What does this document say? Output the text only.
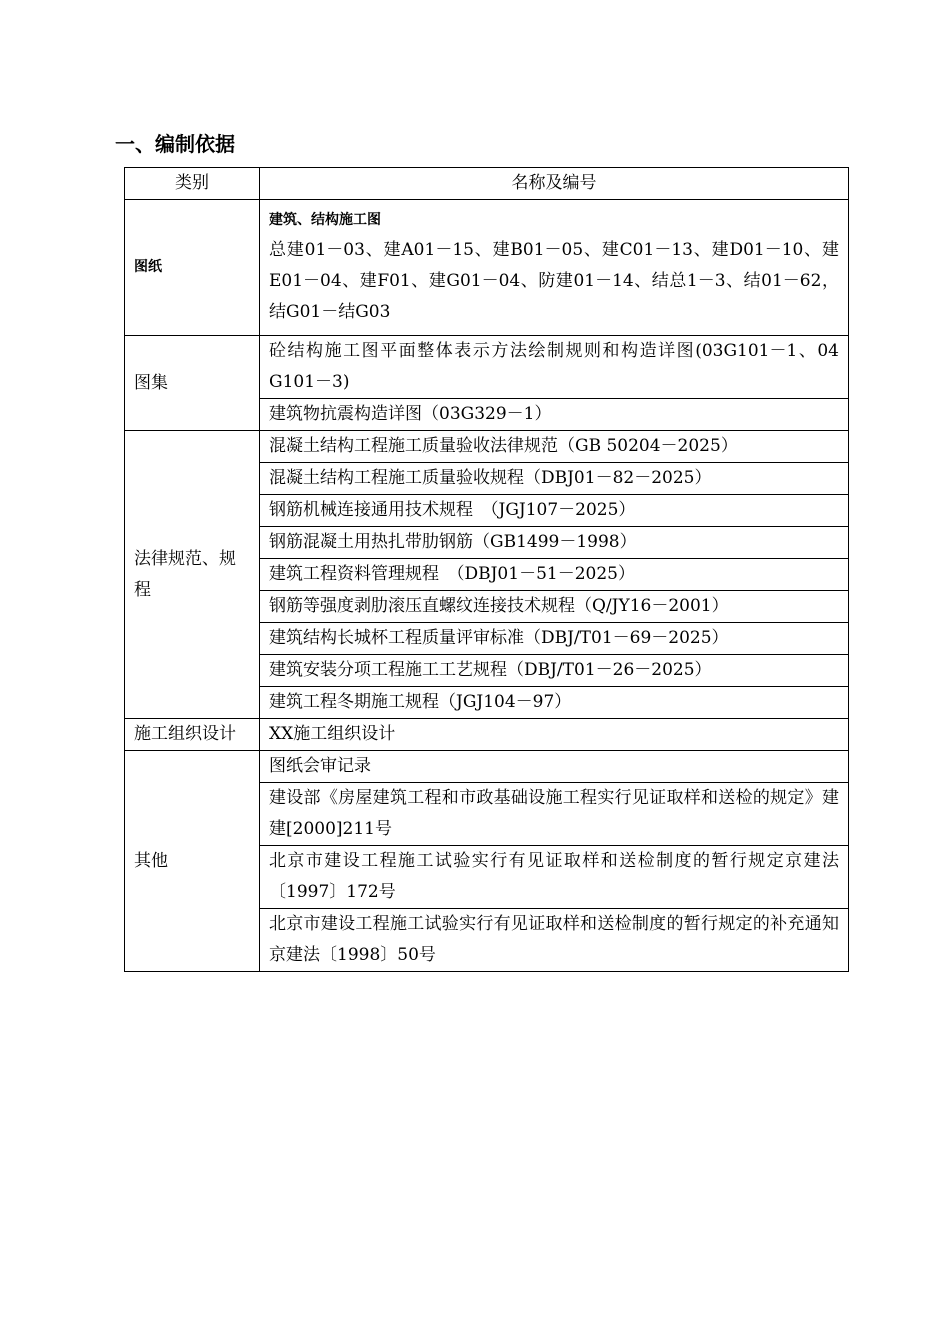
一、编制依据
类别	名称及编号
图纸	建筑、结构施工图
总建01－03、建A01－15、建B01－05、建C01－13、建D01－10、建E01－04、建F01、建G01－04、防建01－14、结总1－3、结01－62，结G01－结G03

图集	砼结构施工图平面整体表示方法绘制规则和构造详图(03G101－1、04 G101－3)
	建筑物抗震构造详图（03G329－1）
法律规范、规程	混凝土结构工程施工质量验收法律规范（GB 50204－2025）
	混凝土结构工程施工质量验收规程（DBJ01－82－2025）
	钢筋机械连接通用技术规程　（JGJ107－2025）
	钢筋混凝土用热扎带肋钢筋（GB1499－1998）
	建筑工程资料管理规程　（DBJ01－51－2025）
	钢筋等强度剥肋滚压直螺纹连接技术规程（Q/JY16－2001）
	建筑结构长城杯工程质量评审标准（DBJ/T01－69－2025）
	建筑安装分项工程施工工艺规程（DBJ/T01－26－2025）
	建筑工程冬期施工规程（JGJ104－97）
施工组织设计	XX施工组织设计
其他	图纸会审记录
	建设部《房屋建筑工程和市政基础设施工程实行见证取样和送检的规定》建建[2000]211号
	北京市建设工程施工试验实行有见证取样和送检制度的暂行规定京建法〔1997〕172号
	北京市建设工程施工试验实行有见证取样和送检制度的暂行规定的补充通知京建法〔1998〕50号
